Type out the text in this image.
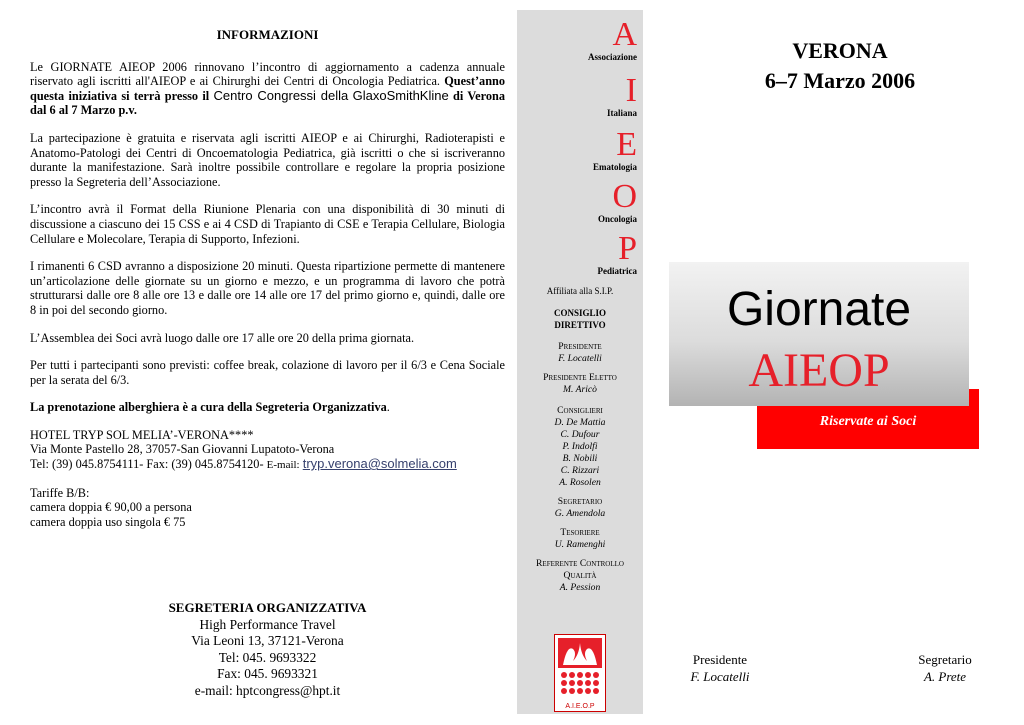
INFORMAZIONI

Le GIORNATE AIEOP 2006 rinnovano l’incontro di aggiornamento a cadenza annuale riservato agli iscritti all'AIEOP e ai Chirurghi dei Centri di Oncologia Pediatrica. Quest’anno questa iniziativa si terrà presso il Centro Congressi della GlaxoSmithKline di Verona dal 6 al 7 Marzo p.v.

La partecipazione è gratuita e riservata agli iscritti AIEOP e ai Chirurghi, Radioterapisti e Anatomo-Patologi dei Centri di Oncoematologia Pediatrica, già iscritti o che si iscriveranno durante la manifestazione. Sarà inoltre possibile controllare e regolare la propria posizione presso la Segreteria dell’Associazione.

L’incontro avrà il Format della Riunione Plenaria con una disponibilità di 30 minuti di discussione a ciascuno dei 15 CSS e ai 4 CSD di Trapianto di CSE e Terapia Cellulare, Biologia Cellulare e Molecolare, Terapia di Supporto, Infezioni.

I rimanenti 6 CSD avranno a disposizione 20 minuti. Questa ripartizione permette di mantenere un’articolazione delle giornate su un giorno e mezzo, e un programma di lavoro che potrà strutturarsi dalle ore 8 alle ore 13 e dalle ore 14 alle ore 17 del primo giorno e, quindi, dalle ore 8 in poi del secondo giorno.

L’Assemblea dei Soci avrà luogo dalle ore 17 alle ore 20 della prima giornata.

Per tutti i partecipanti sono previsti: coffee break, colazione di lavoro per il 6/3 e Cena Sociale per la serata del 6/3.

La prenotazione alberghiera è a cura della Segreteria Organizzativa.

HOTEL TRYP SOL MELIA’-VERONA****

Via Monte Pastello 28, 37057-San Giovanni Lupatoto-Verona

Tel: (39) 045.8754111- Fax: (39) 045.8754120- E-mail: tryp.verona@solmelia.com

Tariffe B/B:

camera doppia € 90,00 a persona

camera doppia uso singola € 75

SEGRETERIA ORGANIZZATIVA
High Performance Travel
Via Leoni 13, 37121-Verona
Tel: 045. 9693322
Fax: 045. 9693321
e-mail: hptcongress@hpt.it
A
Associazione
I
Italiana
E
Ematologia
O
Oncologia
P
Pediatrica
Affiliata alla S.I.P.
CONSIGLIO
DIRETTIVO
Presidente
F. Locatelli
Presidente Eletto
M. Aricò
Consiglieri
D. De Mattia
C. Dufour
P. Indolfi
B. Nobili
C. Rizzari
A. Rosolen
Segretario
G. Amendola
Tesoriere
U. Ramenghi
Referente Controllo
Qualità
A. Pession
A.I.E.O.P
VERONA
6–7 Marzo 2006
Giornate
AIEOP
Riservate ai Soci
Presidente
F. Locatelli
Segretario
A. Prete
